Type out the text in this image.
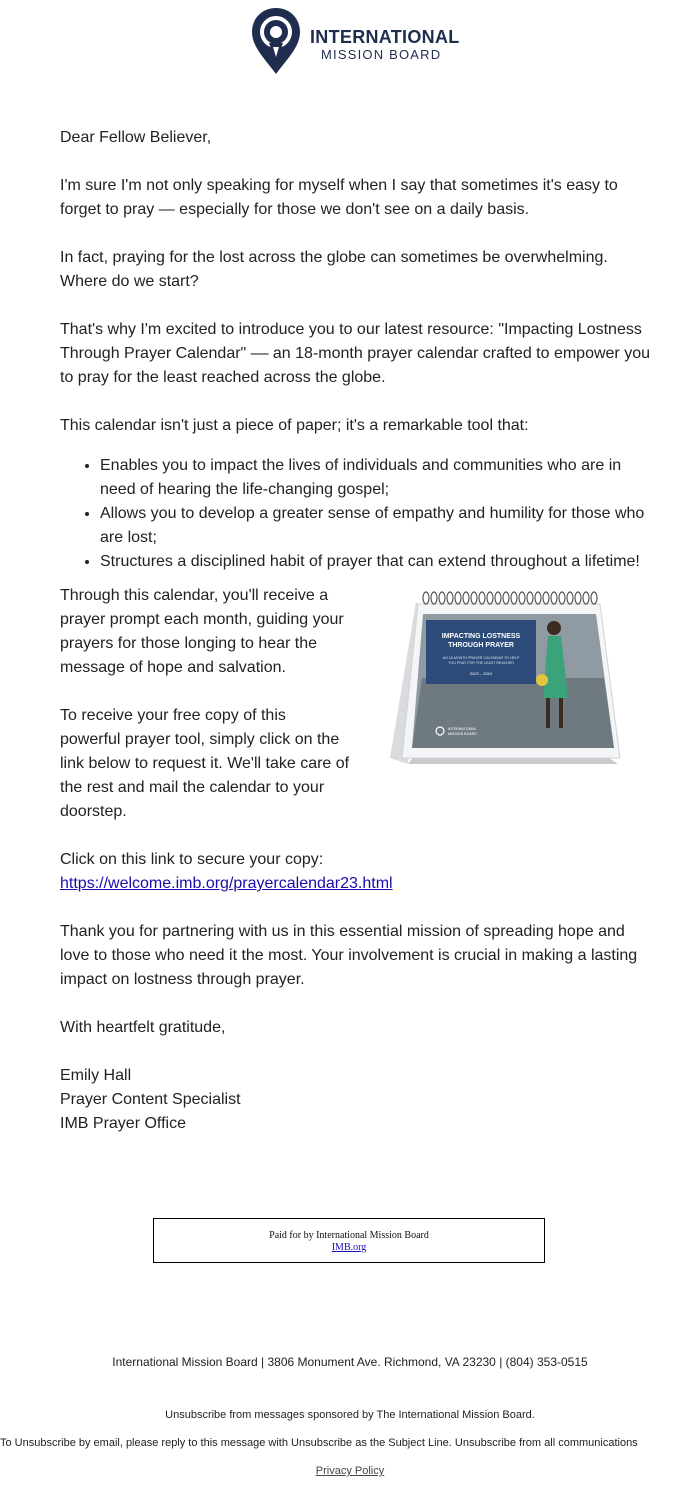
INTERNATIONAL
MISSION BOARD

Dear Fellow Believer,

I'm sure I'm not only speaking for myself when I say that sometimes it's easy to forget to pray — especially for those we don't see on a daily basis.

In fact, praying for the lost across the globe can sometimes be overwhelming. Where do we start?

That's why I'm excited to introduce you to our latest resource: "Impacting Lostness Through Prayer Calendar" –– an 18-month prayer calendar crafted to empower you to pray for the least reached across the globe.

This calendar isn't just a piece of paper; it's a remarkable tool that:

• Enables you to impact the lives of individuals and communities who are in need of hearing the life-changing gospel;
• Allows you to develop a greater sense of empathy and humility for those who are lost;
• Structures a disciplined habit of prayer that can extend throughout a lifetime!

Through this calendar, you'll receive a prayer prompt each month, guiding your prayers for those longing to hear the message of hope and salvation.

To receive your free copy of this powerful prayer tool, simply click on the link below to request it. We'll take care of the rest and mail the calendar to your doorstep.

IMPACTING LOSTNESS
THROUGH PRAYER
AN 18-MONTH PRAYER CALENDAR TO HELP
YOU PRAY FOR THE LEAST REACHED
2023 – 2024
INTERNATIONAL
MISSION BOARD
Click on this link to secure your copy: https://welcome.imb.org/prayercalendar23.html

Thank you for partnering with us in this essential mission of spreading hope and love to those who need it the most. Your involvement is crucial in making a lasting impact on lostness through prayer.

With heartfelt gratitude,

Emily Hall

Prayer Content Specialist

IMB Prayer Office

Paid for by International Mission Board
IMB.org
International Mission Board | 3806 Monument Ave. Richmond, VA 23230 | (804) 353-0515
Unsubscribe from messages sponsored by The International Mission Board.
To Unsubscribe by email, please reply to this message with Unsubscribe as the Subject Line. Unsubscribe from all communications
Privacy Policy
